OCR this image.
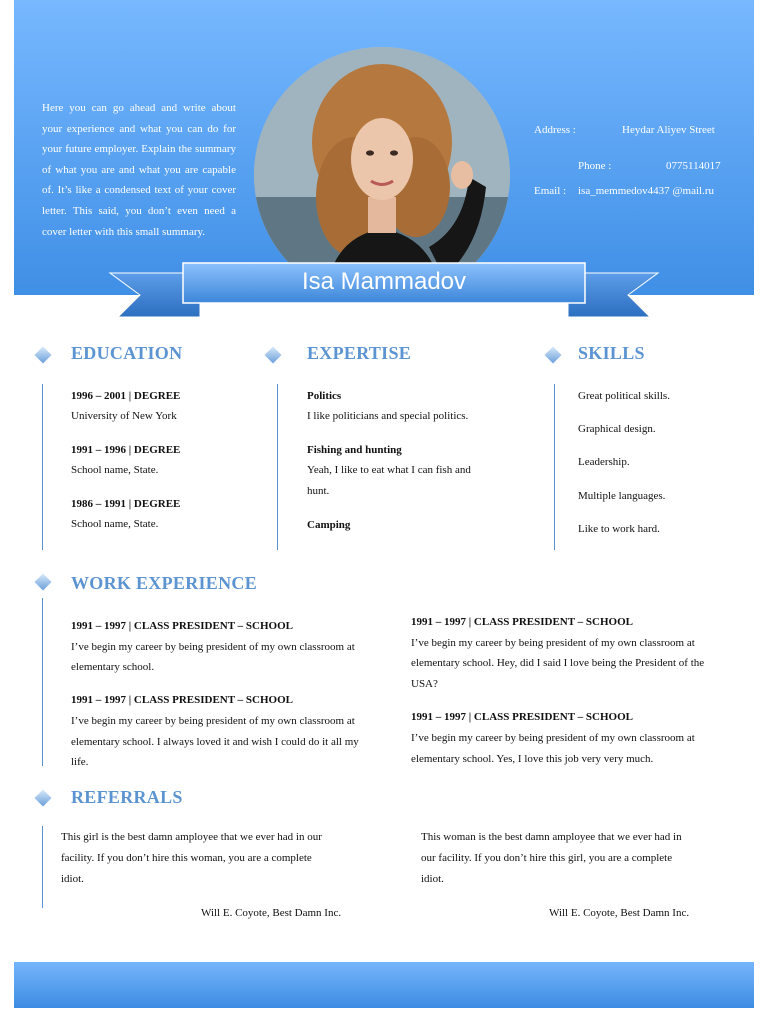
Here you can go ahead and write about your experience and what you can do for your future employer. Explain the summary of what you are and what you are capable of. It’s like a condensed text of your cover letter. This said, you don’t even need a cover letter with this small summary.
Address :	Heydar Aliyev Street
Phone :	0775114017
Email : isa_memmedov4437 @mail.ru
Isa Mammadov
EDUCATION
1996 – 2001 | DEGREE
University of New York
1991 – 1996 | DEGREE
School name, State.
1986 – 1991 | DEGREE
School name, State.
EXPERTISE
Politics
I like politicians and special politics.
Fishing and hunting
Yeah, I like to eat what I can fish and
hunt.
Camping
SKILLS
Great political skills.
Graphical design.
Leadership.
Multiple languages.
Like to work hard.
WORK EXPERIENCE
1991 – 1997 | CLASS PRESIDENT – SCHOOL
I’ve begin my career by being president of my own classroom at
elementary school.
1991 – 1997 | CLASS PRESIDENT – SCHOOL
I’ve begin my career by being president of my own classroom at
elementary school. I always loved it and wish I could do it all my
life.
1991 – 1997 | CLASS PRESIDENT – SCHOOL
I’ve begin my career by being president of my own classroom at
elementary school. Hey, did I said I love being the President of the
USA?
1991 – 1997 | CLASS PRESIDENT – SCHOOL
I’ve begin my career by being president of my own classroom at
elementary school. Yes, I love this job very very much.
REFERRALS
This girl is the best damn amployee that we ever had in our
facility. If you don’t hire this woman, you are a complete
idiot.
Will E. Coyote, Best Damn Inc.
This woman is the best damn amployee that we ever had in
our facility. If you don’t hire this girl, you are a complete
idiot.
Will E. Coyote, Best Damn Inc.
